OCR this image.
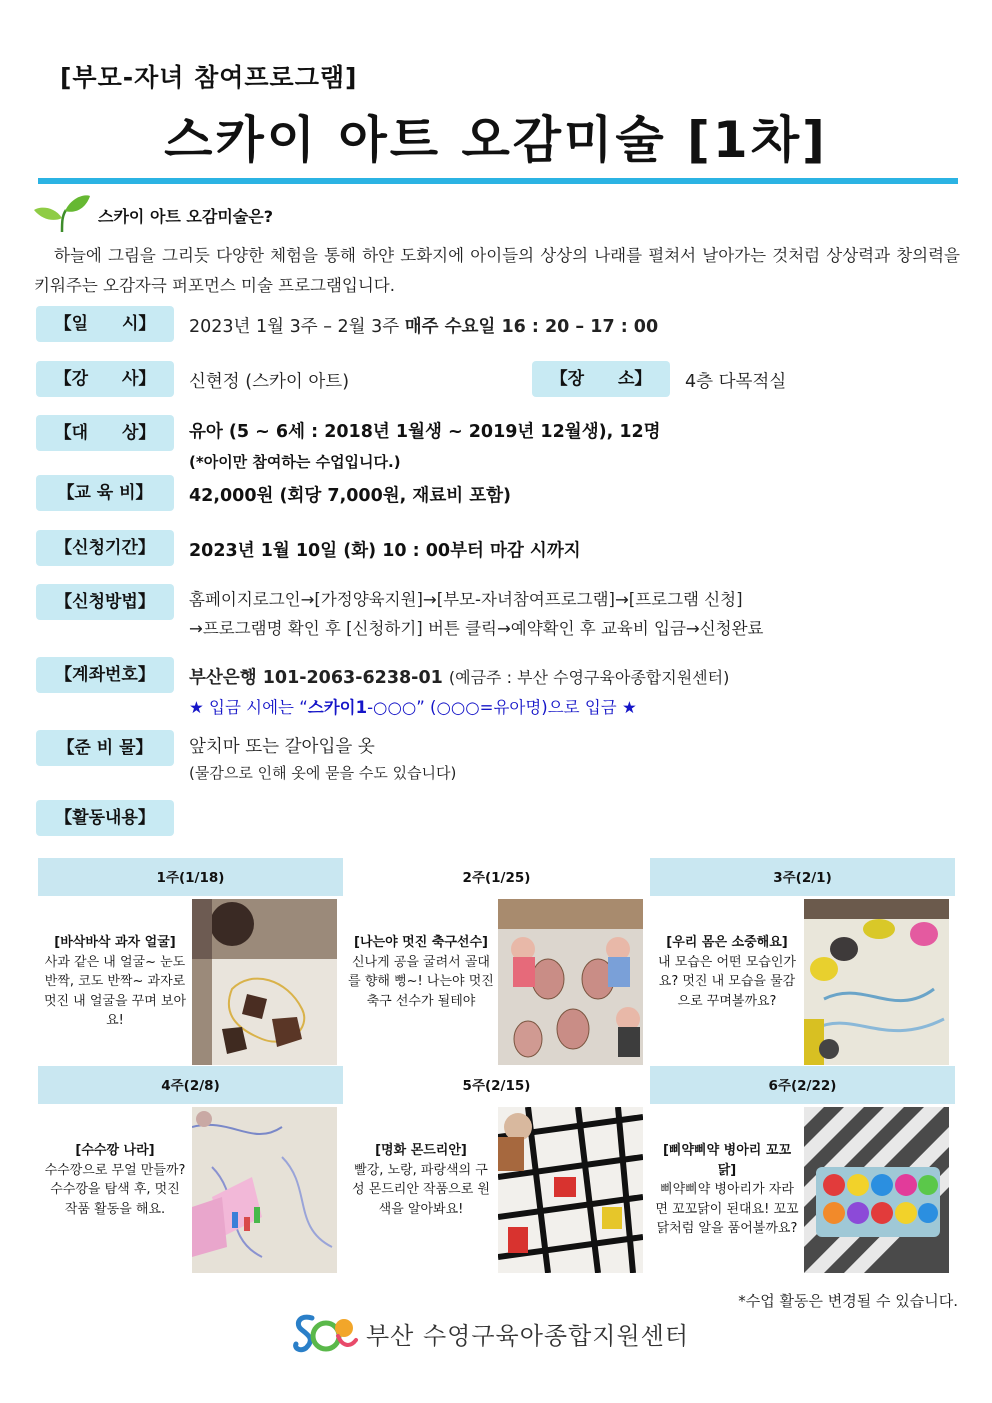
[부모-자녀 참여프로그램]
스카이 아트 오감미술 [1차]
스카이 아트 오감미술은?
하늘에 그림을 그리듯 다양한 체험을 통해 하얀 도화지에 아이들의 상상의 나래를 펼쳐서 날아가는 것처럼 상상력과 창의력을 키워주는 오감자극 퍼포먼스 미술 프로그램입니다.
【일　　시】	2023년 1월 3주 – 2월 3주 매주 수요일 16 : 20 – 17 : 00
【강　　사】	신현정 (스카이 아트)	【장　　소】	4층 다목적실
【대　　상】	유아 (5 ~ 6세 : 2018년 1월생 ~ 2019년 12월생), 12명
(*아이만 참여하는 수업입니다.)
【교 육 비】	42,000원 (회당 7,000원, 재료비 포함)
【신청기간】	2023년 1월 10일 (화) 10 : 00부터 마감 시까지
【신청방법】	홈페이지로그인→[가정양육지원]→[부모-자녀참여프로그램]→[프로그램 신청]
→프로그램명 확인 후 [신청하기] 버튼 클릭→예약확인 후 교육비 입금→신청완료
【계좌번호】	부산은행 101-2063-6238-01 (예금주 : 부산 수영구육아종합지원센터)
★ 입금 시에는 “스카이1-○○○” (○○○=유아명)으로 입금 ★
【준 비 물】	앞치마 또는 갈아입을 옷
(물감으로 인해 옷에 묻을 수도 있습니다)
【활동내용】
1주(1/18)	2주(1/25)	3주(2/1)
[바삭바삭 과자 얼굴]
사과 같은 내 얼굴~ 눈도 반짝, 코도 반짝~ 과자로 멋진 내 얼굴을 꾸며 보아요!
[나는야 멋진 축구선수]
신나게 공을 굴려서 골대를 향해 뻥~! 나는야 멋진 축구 선수가 될테야
[우리 몸은 소중해요]
내 모습은 어떤 모습인가요? 멋진 내 모습을 물감으로 꾸며볼까요?
4주(2/8)	5주(2/15)	6주(2/22)
[수수깡 나라]
수수깡으로 무얼 만들까? 수수깡을 탐색 후, 멋진 작품 활동을 해요.
[명화 몬드리안]
빨강, 노랑, 파랑색의 구성 몬드리안 작품으로 원색을 알아봐요!
[삐약삐약 병아리 꼬꼬 닭]
삐약삐약 병아리가 자라면 꼬꼬닭이 된대요! 꼬꼬닭처럼 알을 품어볼까요?
*수업 활동은 변경될 수 있습니다.
부산 수영구육아종합지원센터
